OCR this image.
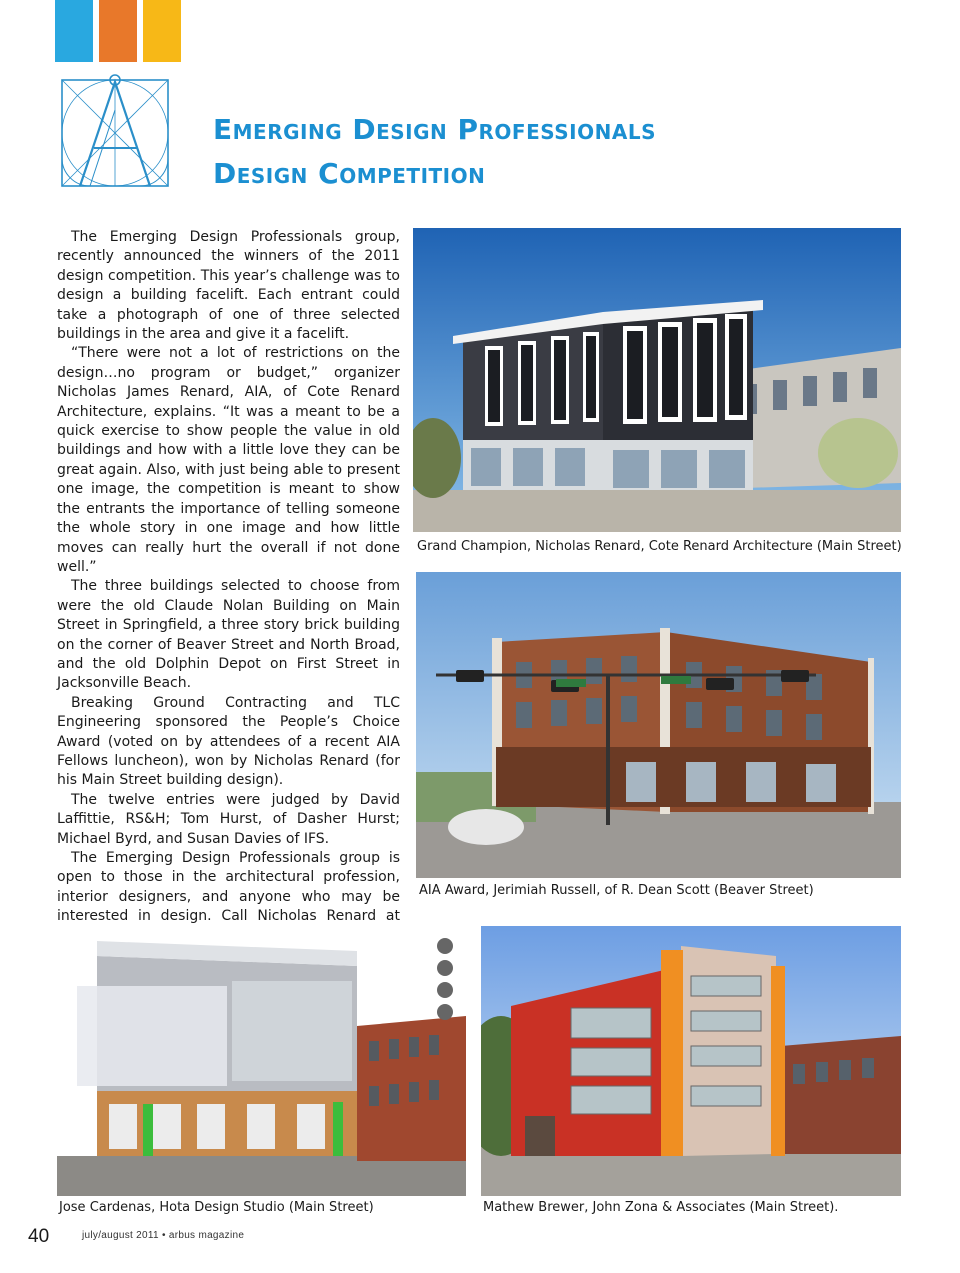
Emerging Design Professionals
Design Competition

The Emerging Design Professionals group, recently announced the winners of the 2011 design competition. This year’s challenge was to design a building facelift. Each entrant could take a photograph of one of three selected buildings in the area and give it a facelift.

“There were not a lot of restrictions on the design…no program or budget,” organizer Nicholas James Renard, AIA, of Cote Renard Architecture, explains. “It was a meant to be a quick exercise to show people the value in old buildings and how with a little love they can be great again. Also, with just being able to present one image, the competition is meant to show the entrants the importance of telling someone the whole story in one image and how little moves can really hurt the overall if not done well.”

The three buildings selected to choose from were the old Claude Nolan Building on Main Street in Springfield, a three story brick building on the corner of Beaver Street and North Broad, and the old Dolphin Depot on First Street in Jacksonville Beach.

Breaking Ground Contracting and TLC Engineering sponsored the People’s Choice Award (voted on by attendees of a recent AIA Fellows luncheon), won by Nicholas Renard (for his Main Street building design).

The twelve entries were judged by David Laffittie, RS&H; Tom Hurst, of Dasher Hurst; Michael Byrd, and Susan Davies of IFS.

The Emerging Design Professionals group is open to those in the architectural profession, interior designers, and anyone who may be interested in design. Call Nicholas Renard at

Grand Champion, Nicholas Renard, Cote Renard Architecture (Main Street)
AIA Award, Jerimiah Russell, of R. Dean Scott (Beaver Street)
Jose Cardenas, Hota Design Studio (Main Street)	Mathew Brewer, John Zona & Associates (Main Street).
40	july/august 2011 • arbus magazine
